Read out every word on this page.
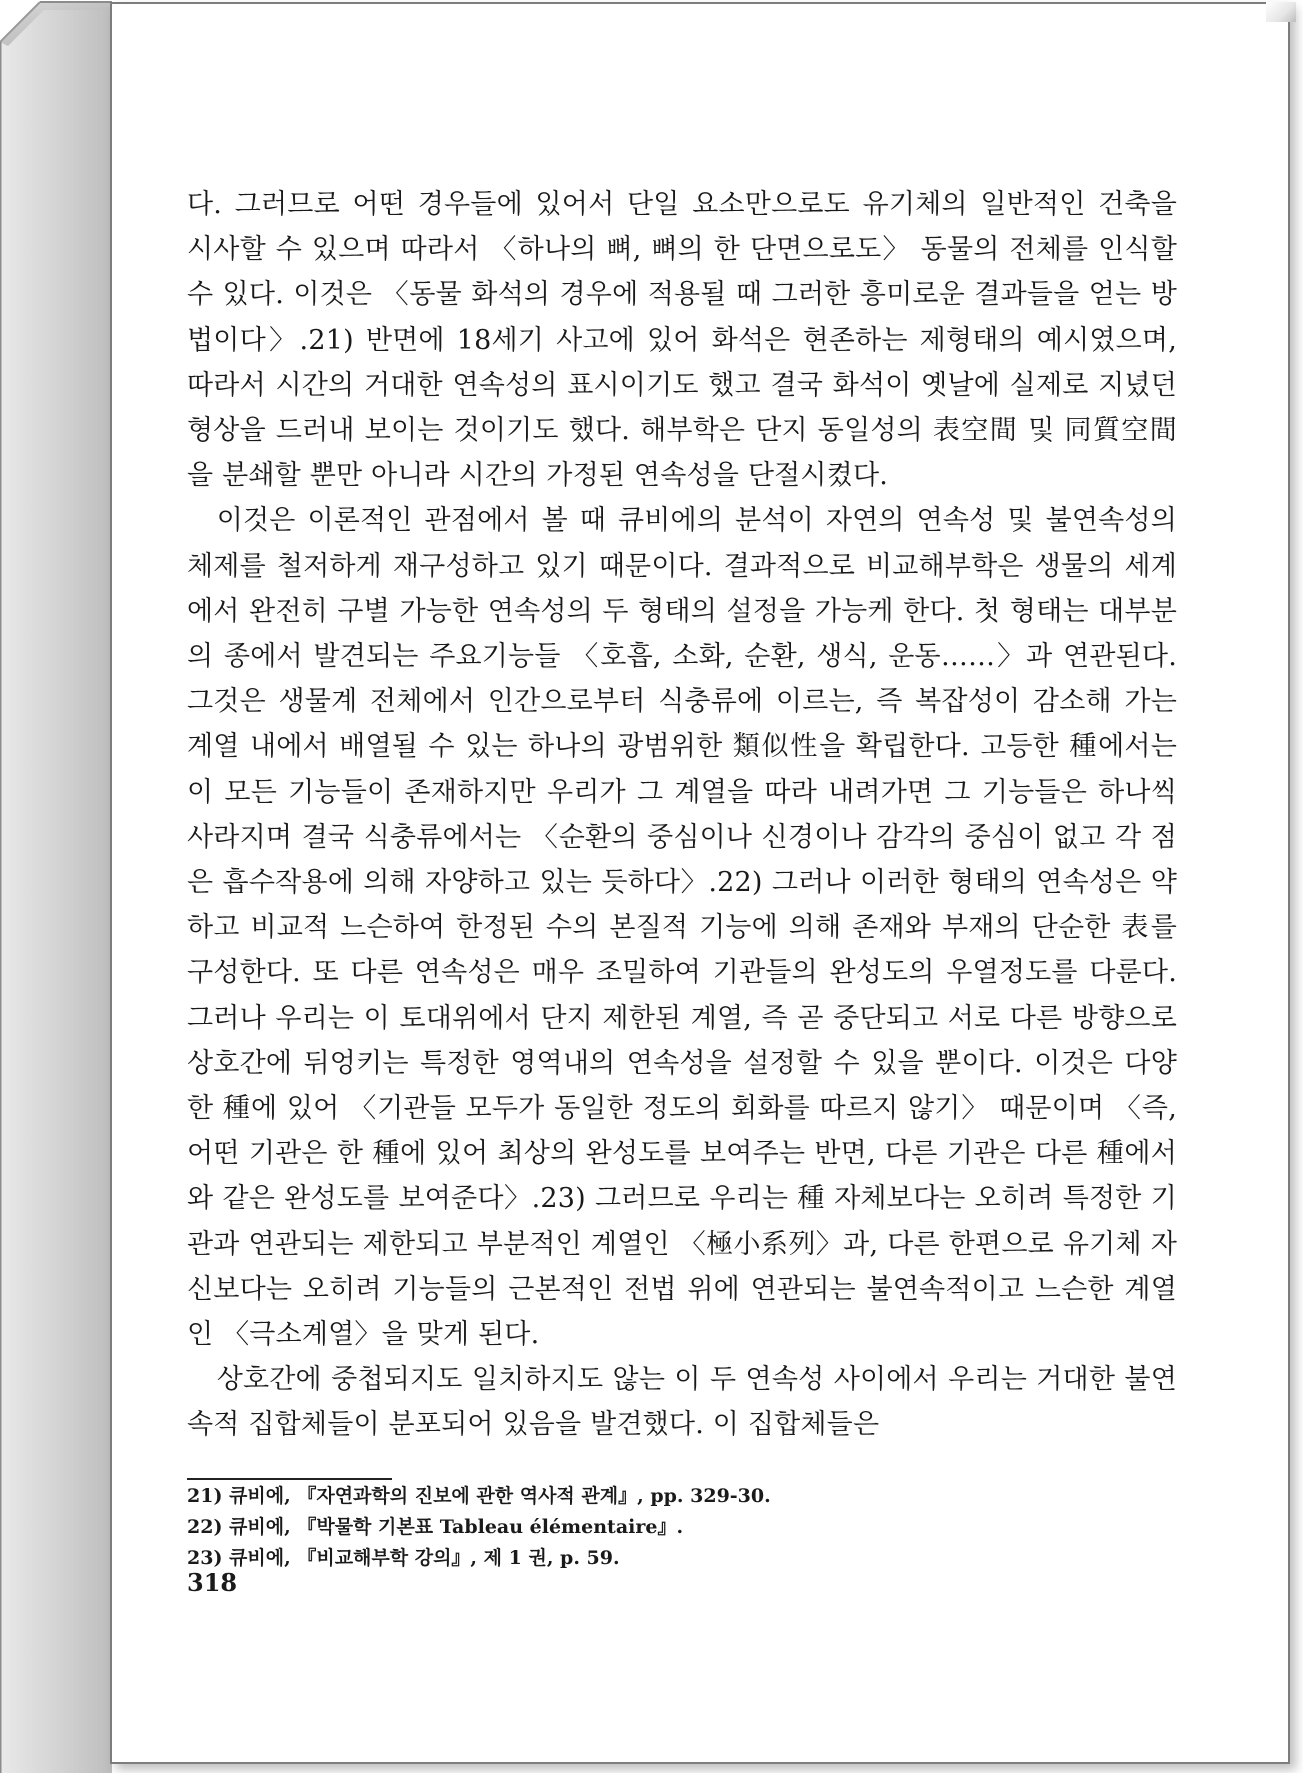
다. 그러므로 어떤 경우들에 있어서 단일 요소만으로도 유기체의 일반적인 건축을 시사할 수 있으며 따라서 〈하나의 뼈, 뼈의 한 단면으로도〉 동물의 전체를 인식할 수 있다. 이것은 〈동물 화석의 경우에 적용될 때 그러한 흥미로운 결과들을 얻는 방법이다〉.21) 반면에 18세기 사고에 있어 화석은 현존하는 제형태의 예시였으며, 따라서 시간의 거대한 연속성의 표시이기도 했고 결국 화석이 옛날에 실제로 지녔던 형상을 드러내 보이는 것이기도 했다. 해부학은 단지 동일성의 表空間 및 同質空間을 분쇄할 뿐만 아니라 시간의 가정된 연속성을 단절시켰다.

이것은 이론적인 관점에서 볼 때 큐비에의 분석이 자연의 연속성 및 불연속성의 체제를 철저하게 재구성하고 있기 때문이다. 결과적으로 비교해부학은 생물의 세계에서 완전히 구별 가능한 연속성의 두 형태의 설정을 가능케 한다. 첫 형태는 대부분의 종에서 발견되는 주요기능들 〈호흡, 소화, 순환, 생식, 운동……〉과 연관된다. 그것은 생물계 전체에서 인간으로부터 식충류에 이르는, 즉 복잡성이 감소해 가는 계열 내에서 배열될 수 있는 하나의 광범위한 類似性을 확립한다. 고등한 種에서는 이 모든 기능들이 존재하지만 우리가 그 계열을 따라 내려가면 그 기능들은 하나씩 사라지며 결국 식충류에서는 〈순환의 중심이나 신경이나 감각의 중심이 없고 각 점은 흡수작용에 의해 자양하고 있는 듯하다〉.22) 그러나 이러한 형태의 연속성은 약하고 비교적 느슨하여 한정된 수의 본질적 기능에 의해 존재와 부재의 단순한 表를 구성한다. 또 다른 연속성은 매우 조밀하여 기관들의 완성도의 우열정도를 다룬다. 그러나 우리는 이 토대위에서 단지 제한된 계열, 즉 곧 중단되고 서로 다른 방향으로 상호간에 뒤엉키는 특정한 영역내의 연속성을 설정할 수 있을 뿐이다. 이것은 다양한 種에 있어 〈기관들 모두가 동일한 정도의 회화를 따르지 않기〉 때문이며 〈즉, 어떤 기관은 한 種에 있어 최상의 완성도를 보여주는 반면, 다른 기관은 다른 種에서와 같은 완성도를 보여준다〉.23) 그러므로 우리는 種 자체보다는 오히려 특정한 기관과 연관되는 제한되고 부분적인 계열인 〈極小系列〉과, 다른 한편으로 유기체 자신보다는 오히려 기능들의 근본적인 전법 위에 연관되는 불연속적이고 느슨한 계열인 〈극소계열〉을 맞게 된다.

상호간에 중첩되지도 일치하지도 않는 이 두 연속성 사이에서 우리는 거대한 불연속적 집합체들이 분포되어 있음을 발견했다. 이 집합체들은

21) 큐비에, 『자연과학의 진보에 관한 역사적 관계』, pp. 329-30.

22) 큐비에, 『박물학 기본표 Tableau élémentaire』.

23) 큐비에, 『비교해부학 강의』, 제 1 권, p. 59.

318
